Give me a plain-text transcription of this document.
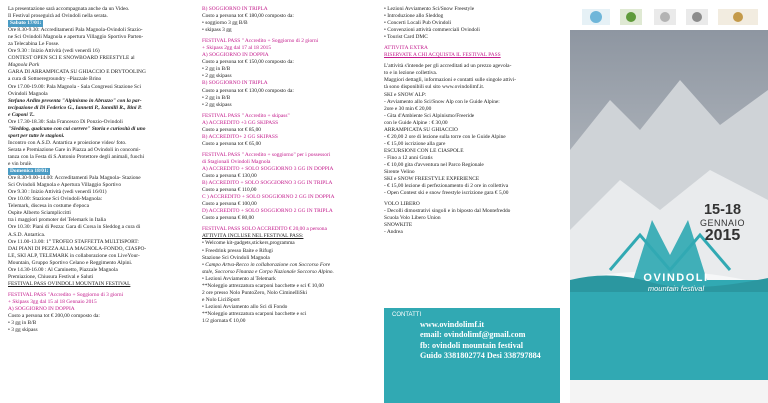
La presentazione sarà accompagnata anche da un Video.

Il Festival proseguirà ad Ovindoli nella serata.

Sabato 17/01:

Ore 8.30-9.30: Accreditamenti Pala Magnola-Ovindoli Stazio-

ne Sci Ovindoli Magnola e apertura Villaggio Sportivo Parten-

za Telecabina Le Fosse.

Ore 9.30 : Inizio Attività (vedi venerdì 16)

CONTEST OPEN SCI E SNOWBOARD FREESTYLE al

Magnola Park

GARA DI ARRAMPICATA SU GHIACCIO E DRYTOOLING

a cura di Sottoeregroundry –Piazzale Brino

Ore 17.00-19.00: Pala Magnola - Sala Congressi Stazione Sci

Ovindoli Magnola

Stefano Ardito presenta "Alpinismo in Abruzzo" con la par-

tecipazione di Di Federico G., Iannetti P., Iannilli R., Bini P.

e Caponi T..

Ore 17.30-18.30: Sala Francesco Di Ponzio-Ovindoli

"Sleddog, qualcuno con cui correre" Storia e curiosità di uno

sport per tutte le stagioni.

Incontro con A.S.D. Antartica e proiezione video/ foto.

Serata e Premiazione Gare in Piazza ad Ovindoli in concomi-

tanza con la Festa di S.Antonio Protettore degli animali, fuochi

e vin brulè.

Domenica 18/01:

Ore 8.30-9.00-14.00: Accreditamenti Pala Magnola- Stazione

Sci Ovindoli Magnola e Apertura Villaggio Sportivo

Ore 9.30 : Inizio Attività (vedi venerdì 16/01)

Ore 10.00: Stazione Sci Ovindoli-Magnola:

Telemark, discesa in costume d'epoca

Ospite Alberto Sciampliccitti

tra i maggiori promoter del Telemark in Italia

Ore 10.30: Piani di Pezza: Gara di Corsa in Sleddog a cura di

A.S.D. Antartica.

Ore 11.00-13.00: 1° TROFEO STAFFETTA MULTISPORT:

DAI PIANI DI PEZZA ALLA MAGNOLA-FONDO, CIASPO-

LE, SKI ALP, TELEMARK in collaborazione con LiveYour-

Mountain, Gruppo Sportivo Celano e Reggimento Alpini.

Ore 14.30-16.00 : Al Caminetto, Piazzale Magnola

Premiazione, Chiusura Festival e Saluti

FESTIVAL PASS OVINDOLI MOUNTAIN FESTIVAL

FESTIVAL PASS "Accredito + Soggiorno di 3 giorni

+ Skipass 3gg dal 15 al 18 Gennaio 2015

A) SOGGIORNO IN DOPPIA

Costo a persona tot € 200,00 composto da:

• 3 gg in B/B

• 3 gg skipass

B) SOGGIORNO IN TRIPLA

Costo a persona tot € 180,00 composto da:

• soggiorno 3 gg B/B

• skipass 3 gg

FESTIVAL PASS " Accredito + Soggiorno di 2 giorni

+ Skipass 2gg dal 17 al 18 2015

A) SOGGIORNO IN DOPPIA

Costo a persona tot € 150,00 composto da:

• 2 gg in B/B

• 2 gg skipass

B) SOGGIORNO IN TRIPLA

Costo a persona tot € 130,00 composto da:

• 2 gg in B/B

• 2 gg skipass

FESTIVAL PASS " Accredito + skipass"

A) ACCREDITO +3 GG SKIPASS

Costo a persona tot € 85,00

B) ACCREDITO+ 2 GG SKIPASS

Costo a persona tot € 65,00

FESTIVAL PASS " Accredito + soggiorno" per i possessori

di Stagionali Ovindoli Magnola

A) ACCREDITO + SOLO SOGGIORNO 3 GG IN DOPPIA

Costo a persona € 130,00

B) ACCREDITO + SOLO SOGGIORNO 3 GG IN TRIPLA

Costo a persona € 110,00

C ) ACCREDITO + SOLO SOGGIORNO 2 GG IN DOPPIA

Costo a persona € 100,00

D) ACCREDITO + SOLO SOGGIORNO 2 GG IN TRIPLA

Costo a persona € 80,00

FESTIVAL PASS SOLO ACCREDITO € 20,00 a persona

ATTIVITÀ INCLUSE NEL FESTIVAL PASS:

• Welcome kit-gadgets,stickers,programma

• Freedrink presso Baite e Rifugi

Stazione Sci Ovindoli Magnola

• Campo Artva-Recco in collaborazione con Soccorso Fore

stale, Soccorso Finanza e Corpo Nazionale Soccorso Alpino.

• Lezioni Avviamento al Telemark

**Noleggio attrezzatura scarponi bacchette e sci € 10,00

2 ore presso Nolo PuntoZero, Nolo CimineIliSki

e Nolo LiciiSport

• Lezioni Avviamento allo Sci di Fondo

**Noleggio attrezzatura scarponi bacchette e sci

1/2 giornata € 10,00

• Lezioni Avviamento Sci/Snow Freestyle

• Introduzione allo Sleddog

• Concerti Locali Pub Ovindoli

• Convenzioni attività commerciali Ovindoli

• Tourist Card DMC

ATTIVITÀ EXTRA

RISERVATE A CHI ACQUISTA IL FESTIVAL PASS

L'attività s'intende per gli accreditati ad un prezzo agevola-

to e in lezione collettiva.

Maggiori dettagli, informazioni e contatti sulle singole attivi-

tà sono disponibili sul sito www.ovindolimf.it.

SKI e SNOW ALP:

- Avviamento allo Sci/Snow Alp con le Guide Alpine:

2ore e 30 min € 20,00

- Gita d'Ambiente Sci Alpinismo/Freeride

con le Guide Alpine : € 30,00

ARRAMPICATA SU GHIACCIO

- € 20,00 2 ore di lezione sulla torre con le Guide Alpine

- € 15,00 iscrizione alla gare

ESCURSIONI CON LE CIASPOLE

- Fino a 12 anni Gratis

- € 10,00 gita d'avventura nel Parco Regionale

Sirente Velino

SKI e SNOW FREESTYLE EXPERIENCE

- € 15,00 lezione di perfezionamento di 2 ore in collettiva

- Open Contest ski e snow freestyle iscrizione gara € 5,00

VOLO LIBERO

- Decolli dimostrativi singoli e in biposto dal Montefreddo

Scuola Volo Libero Union

SNOWKITE

- Andrea

CONTATTI

www.ovindolimf.it

email: ovindolimf@gmail.com

fb: ovindoli mountain festival

Guido 3381802774 Desi 338797884

15-18
GENNAIO
2015
OVINDOLI
mountain festival
